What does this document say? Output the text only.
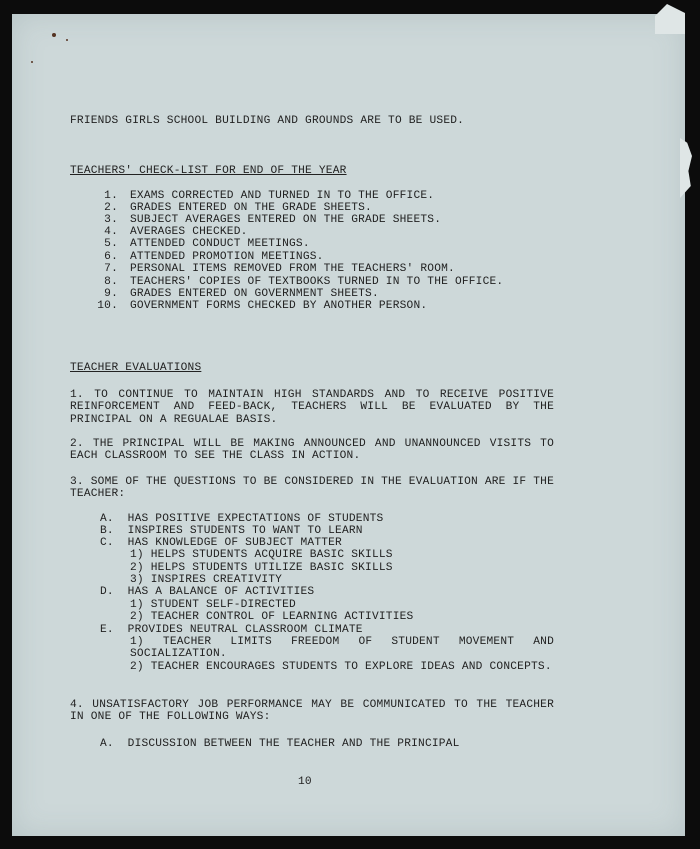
FRIENDS GIRLS SCHOOL BUILDING AND GROUNDS ARE TO BE USED.
TEACHERS' CHECK-LIST FOR END OF THE YEAR
1. EXAMS CORRECTED AND TURNED IN TO THE OFFICE.
2. GRADES ENTERED ON THE GRADE SHEETS.
3. SUBJECT AVERAGES ENTERED ON THE GRADE SHEETS.
4. AVERAGES CHECKED.
5. ATTENDED CONDUCT MEETINGS.
6. ATTENDED PROMOTION MEETINGS.
7. PERSONAL ITEMS REMOVED FROM THE TEACHERS' ROOM.
8. TEACHERS' COPIES OF TEXTBOOKS TURNED IN TO THE OFFICE.
9. GRADES ENTERED ON GOVERNMENT SHEETS.
10. GOVERNMENT FORMS CHECKED BY ANOTHER PERSON.
TEACHER EVALUATIONS
1. TO CONTINUE TO MAINTAIN HIGH STANDARDS AND TO RECEIVE POSITIVE REINFORCEMENT AND FEED-BACK, TEACHERS WILL BE EVALUATED BY THE PRINCIPAL ON A REGUALAE BASIS.
2. THE PRINCIPAL WILL BE MAKING ANNOUNCED AND UNANNOUNCED VISITS TO EACH CLASSROOM TO SEE THE CLASS IN ACTION.
3. SOME OF THE QUESTIONS TO BE CONSIDERED IN THE EVALUATION ARE IF THE TEACHER:
A.  HAS POSITIVE EXPECTATIONS OF STUDENTS
B.  INSPIRES STUDENTS TO WANT TO LEARN
C.  HAS KNOWLEDGE OF SUBJECT MATTER
1) HELPS STUDENTS ACQUIRE BASIC SKILLS
2) HELPS STUDENTS UTILIZE BASIC SKILLS
3) INSPIRES CREATIVITY
D.  HAS A BALANCE OF ACTIVITIES
1) STUDENT SELF-DIRECTED
2) TEACHER CONTROL OF LEARNING ACTIVITIES
E.  PROVIDES NEUTRAL CLASSROOM CLIMATE
1) TEACHER LIMITS FREEDOM OF STUDENT MOVEMENT AND SOCIALIZATION.
2) TEACHER ENCOURAGES STUDENTS TO EXPLORE IDEAS AND CONCEPTS.
4. UNSATISFACTORY JOB PERFORMANCE MAY BE COMMUNICATED TO THE TEACHER IN ONE OF THE FOLLOWING WAYS:
A.  DISCUSSION BETWEEN THE TEACHER AND THE PRINCIPAL
10
